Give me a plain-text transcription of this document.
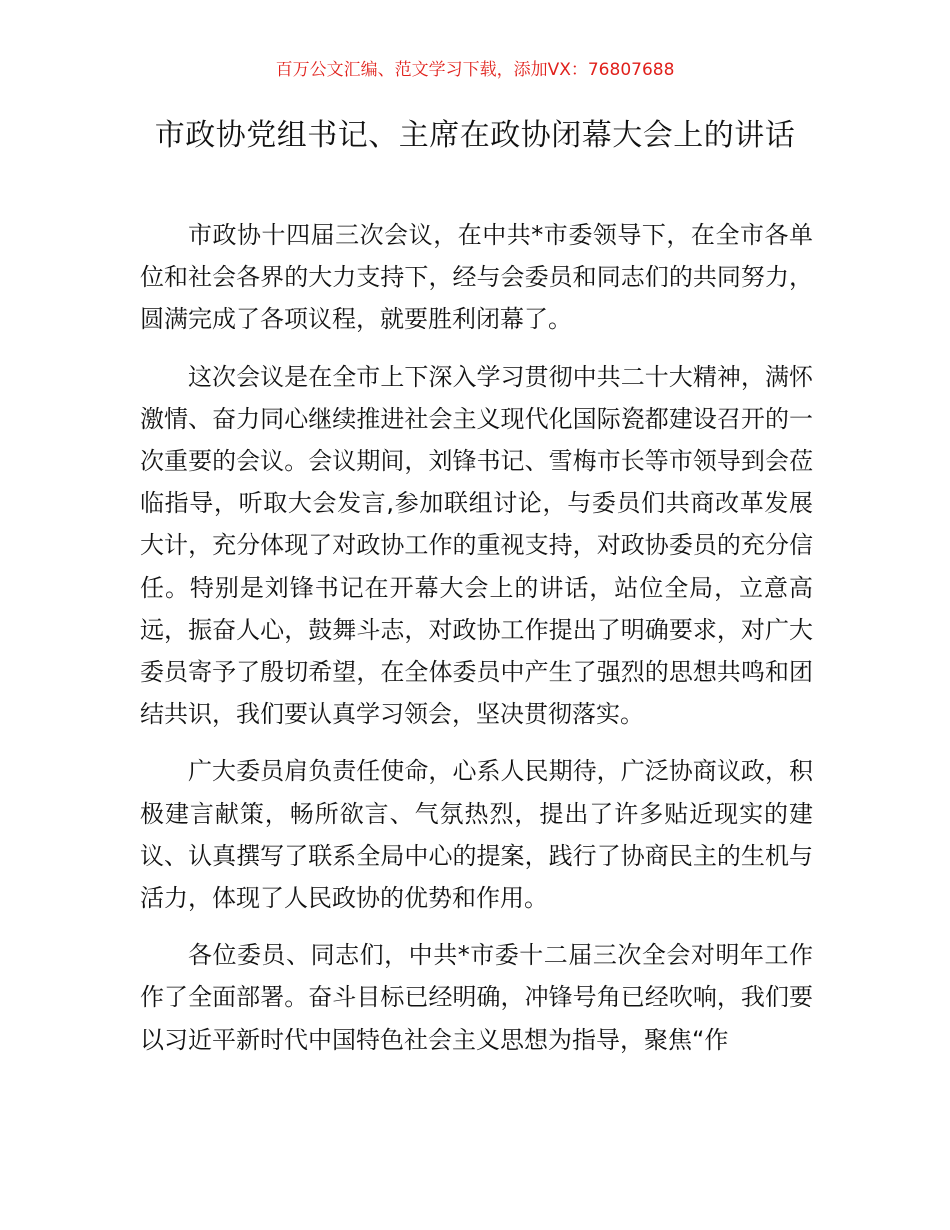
百万公文汇编、范文学习下载，添加VX：76807688
市政协党组书记、主席在政协闭幕大会上的讲话

市政协十四届三次会议，在中共*市委领导下，在全市各单位和社会各界的大力支持下，经与会委员和同志们的共同努力，圆满完成了各项议程，就要胜利闭幕了。

这次会议是在全市上下深入学习贯彻中共二十大精神，满怀激情、奋力同心继续推进社会主义现代化国际瓷都建设召开的一次重要的会议。会议期间，刘锋书记、雪梅市长等市领导到会莅临指导，听取大会发言,参加联组讨论，与委员们共商改革发展大计，充分体现了对政协工作的重视支持，对政协委员的充分信任。特别是刘锋书记在开幕大会上的讲话，站位全局，立意高远，振奋人心，鼓舞斗志，对政协工作提出了明确要求，对广大委员寄予了殷切希望，在全体委员中产生了强烈的思想共鸣和团结共识，我们要认真学习领会，坚决贯彻落实。

广大委员肩负责任使命，心系人民期待，广泛协商议政，积极建言献策，畅所欲言、气氛热烈，提出了许多贴近现实的建议、认真撰写了联系全局中心的提案，践行了协商民主的生机与活力，体现了人民政协的优势和作用。

各位委员、同志们，中共*市委十二届三次全会对明年工作作了全面部署。奋斗目标已经明确，冲锋号角已经吹响，我们要以习近平新时代中国特色社会主义思想为指导，聚焦“作
